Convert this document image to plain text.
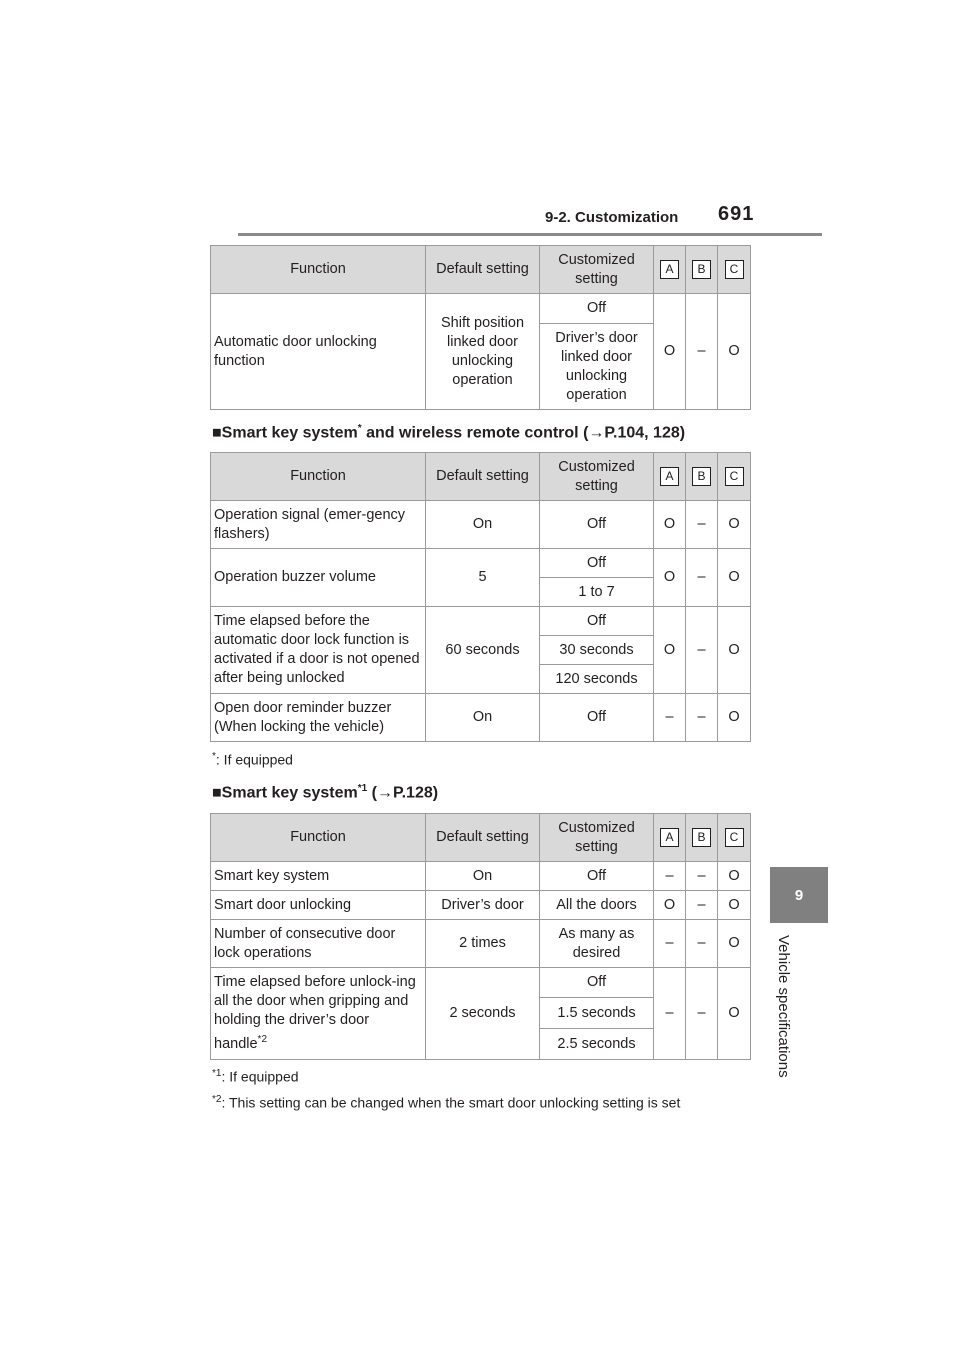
9-2. Customization 691
9
Vehicle specifications
Function	Default setting	Customized setting	A	B	C
Automatic door unlocking function	Shift position linked door unlocking operation	Off	O	–	O
		Driver’s door linked door unlocking operation			
■Smart key system* and wireless remote control (→P.104, 128)
Function	Default setting	Customized setting	A	B	C
Operation signal (emer-gency flashers)	On	Off	O	–	O
Operation buzzer volume	5	Off	O	–	O
		1 to 7			
Time elapsed before the automatic door lock function is activated if a door is not opened after being unlocked	60 seconds	Off	O	–	O
		30 seconds			
		120 seconds			
Open door reminder buzzer (When locking the vehicle)	On	Off	–	–	O
*: If equipped
■Smart key system$^{*1}$ (→P.128)
Function	Default setting	Customized setting	A	B	C
Smart key system	On	Off	–	–	O
Smart door unlocking	Driver’s door	All the doors	O	–	O
Number of consecutive door lock operations	2 times	As many as desired	–	–	O
Time elapsed before unlock-ing all the door when gripping and holding the driver’s door handle$^{*2}$	2 seconds	Off	–	–	O
		1.5 seconds			
		2.5 seconds			
$^{*1}$: If equipped
$^{*2}$: This setting can be changed when the smart door unlocking setting is set
